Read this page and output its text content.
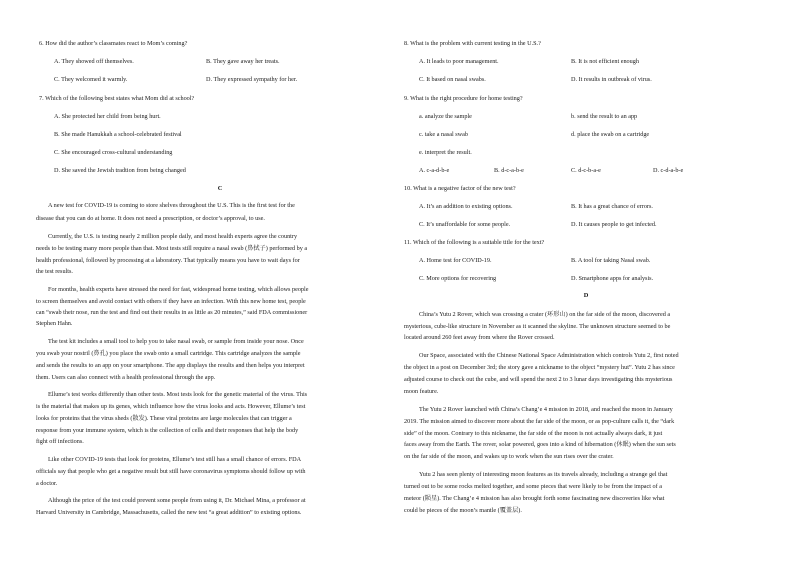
6. How did the author’s classmates react to Mom’s coming?
A. They showed off themselves.	B. They gave away her treats.
C. They welcomed it warmly.	D. They expressed sympathy for her.
7. Which of the following best states what Mom did at school?
A. She protected her child from being hurt.
B. She made Hanukkah a school-celebrated festival
C. She encouraged cross-cultural understanding
D. She saved the Jewish tradtion from being changed
C
A new test for COVID-19 is coming to store shelves throughout the U.S. This is the first test for the
disease that you can do at home. It does not need a prescription, or doctor’s approval, to use.
Currently, the U.S. is testing nearly 2 million people daily, and most health experts agree the country
needs to be testing many more people than that. Most tests still require a nasal swab (鼻拭子) performed by a
health professional, followed by processing at a laboratory. That typically means you have to wait days for
the test results.
For months, health experts have stressed the need for fast, widespread home testing, which allows people
to screen themselves and avoid contact with others if they have an infection. With this new home test, people
can “swab their nose, run the test and find out their results in as little as 20 minutes,” said FDA commissioner
Stephen Hahn.
The test kit includes a small tool to help you to take nasal swab, or sample from inside your nose. Once
you swab your nostril (鼻孔) you place the swab onto a small cartridge. This cartridge analyzes the sample
and sends the results to an app on your smartphone. The app displays the results and then helps you interpret
them. Users can also connect with a health professional through the app.
Ellume’s test works differently than other tests. Most tests look for the genetic material of the virus. This
is the material that makes up its genes, which influence how the virus looks and acts. However, Ellume’s test
looks for proteins that the virus sheds (散发). These viral proteins are large molecules that can trigger a
response from your immune system, which is the collection of cells and their responses that help the body
fight off infections.
Like other COVID-19 tests that look for proteins, Ellume’s test still has a small chance of errors. FDA
officials say that people who get a negative result but still have coronavirus symptoms should follow up with
a doctor.
Although the price of the test could prevent some people from using it, Dr. Michael Mina, a professor at
Harvard University in Cambridge, Massachusetts, called the new test “a great addition” to existing options.
8. What is the problem with current testing in the U.S.?
A. It leads to poor management.	B. It is not efficient enough
C. It based on nasal swabs.	D. It results in outbreak of virus.
9. What is the right procedure for home testing?
a. analyze the sample	b. send the result to an app
c. take a nasal swab	d. place the swab on a cartridge
e. interpret the result.
A. c-a-d-b-e	B. d-c-a-b-e	C. d-c-b-a-e	D. c-d-a-b-e
10. What is a negative factor of the new test?
A. It’s an addition to existing options.	B. It has a great chance of errors.
C. It’s unaffordable for some people.	D. It causes people to get infected.
11. Which of the following is a suitable title for the text?
A. Home test for COVID-19.	B. A tool for taking Nasal swab.
C. More options for recovering	D. Smartphone apps for analysis.
D
China’s Yutu 2 Rover, which was crossing a crater (环形山) on the far side of the moon, discovered a
mysterious, cube-like structure in November as it scanned the skyline. The unknown structure seemed to be
located around 260 feet away from where the Rover crossed.
Our Space, associated with the Chinese National Space Administration which controls Yutu 2, first noted
the object in a post on December 3rd; the story gave a nickname to the object “mystery hut”. Yutu 2 has since
adjusted course to check out the cube, and will spend the next 2 to 3 lunar days investigating this mysterious
moon feature.
The Yutu 2 Rover launched with China’s Chang’e 4 mission in 2018, and reached the moon in January
2019. The mission aimed to discover more about the far side of the moon, or as pop-culture calls it, the “dark
side” of the moon. Contrary to this nickname, the far side of the moon is not actually always dark, it just
faces away from the Earth. The rover, solar powered, goes into a kind of hibernation (休眠) when the sun sets
on the far side of the moon, and wakes up to work when the sun rises over the crater.
Yutu 2 has seen plenty of interesting moon features as its travels already, including a strange gel that
turned out to be some rocks melted together, and some pieces that were likely to be from the impact of a
meteor (陨星). The Chang’e 4 mission has also brought forth some fascinating new discoveries like what
could be pieces of the moon’s mantle (覆盖层).
